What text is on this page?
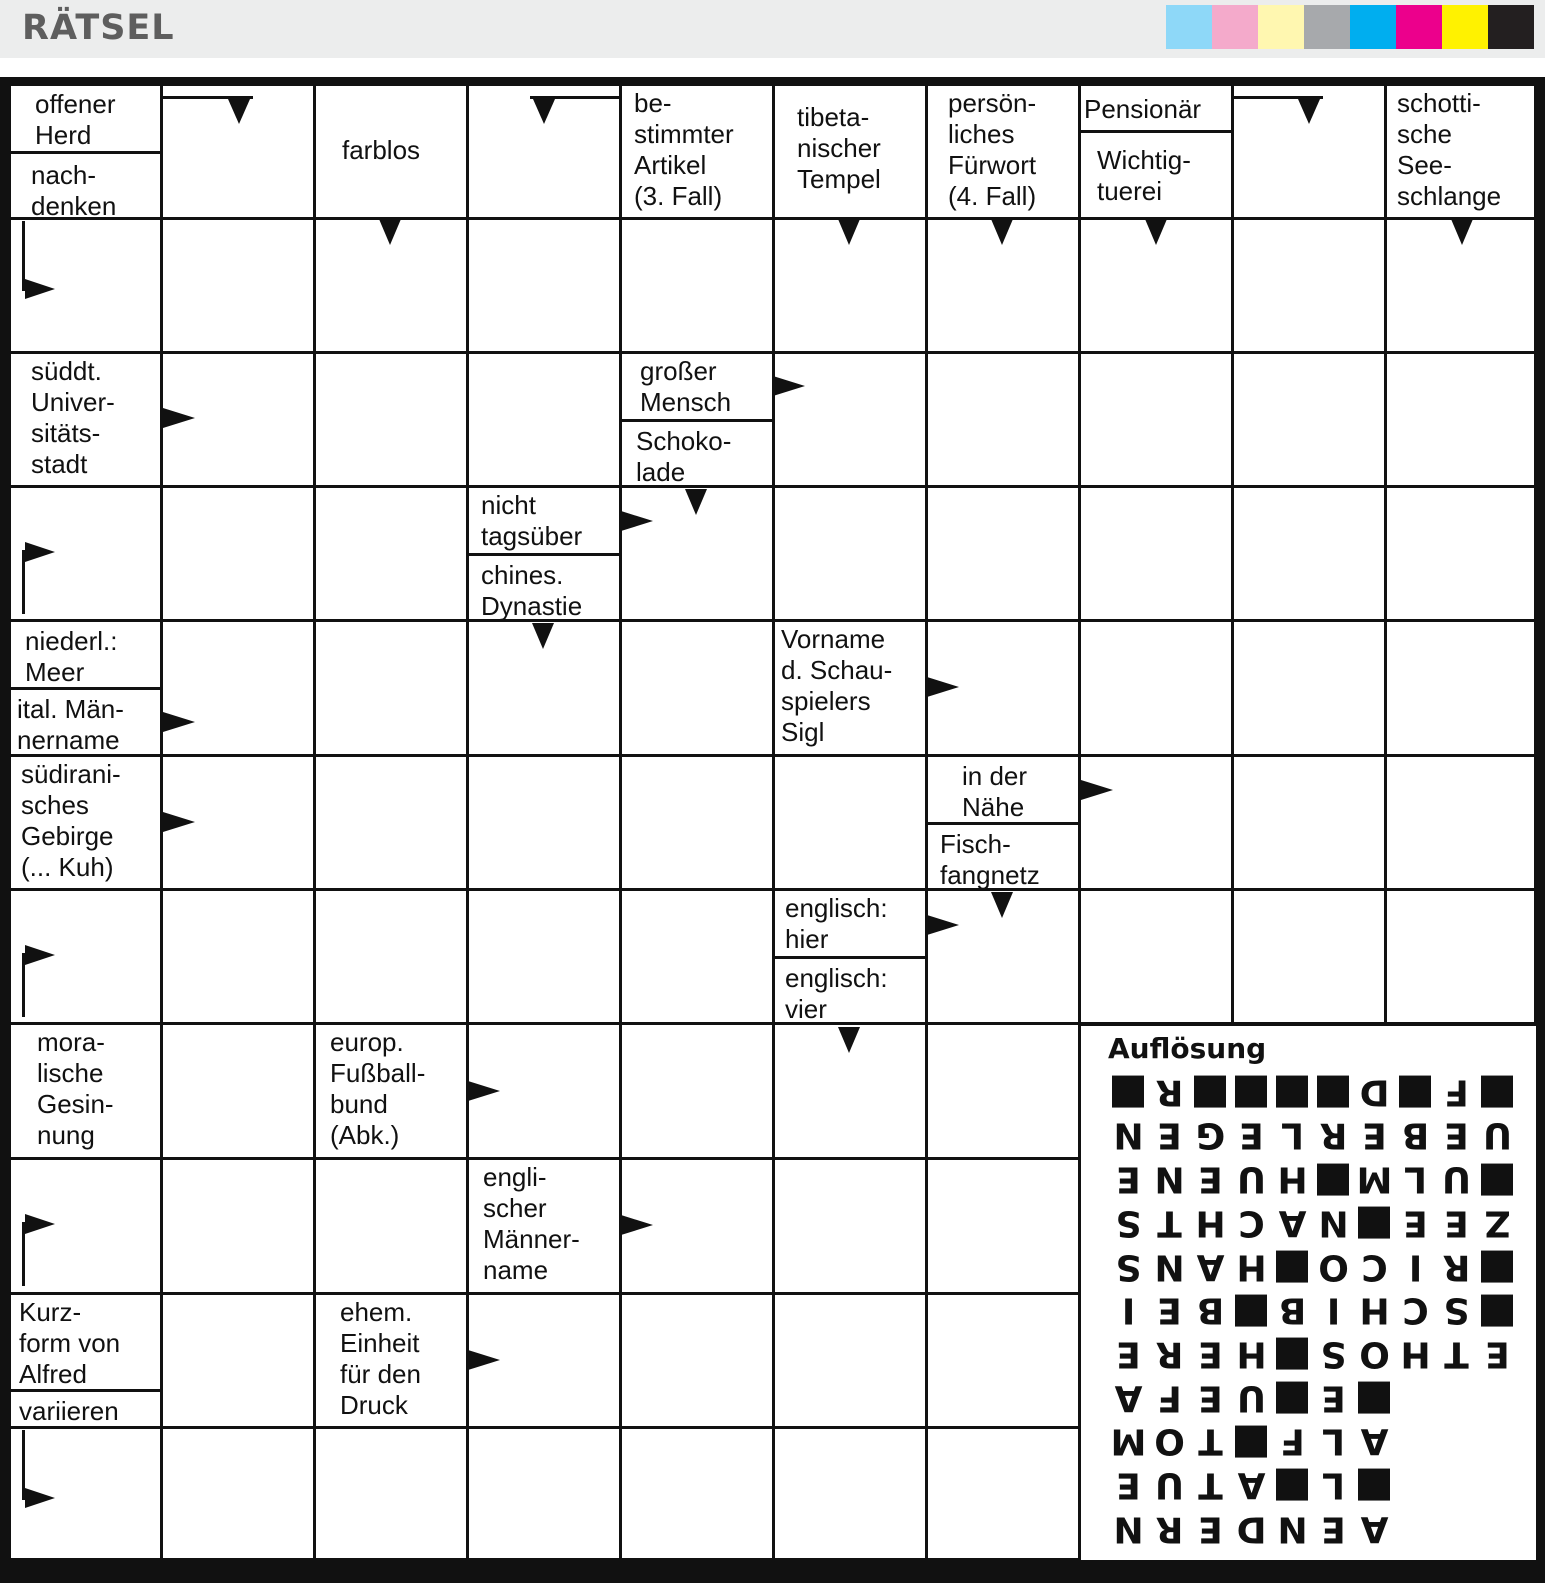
RÄTSEL
offener
Herd
nach-
denken
farblos
be-
stimmter
Artikel
(3. Fall)
tibeta-
nischer
Tempel
persön-
liches
Fürwort
(4. Fall)
Pensionär
Wichtig-
tuerei
schotti-
sche
See-
schlange
süddt.
Univer-
sitäts-
stadt
großer
Mensch
Schoko-
lade
nicht
tagsüber
chines.
Dynastie
niederl.:
Meer
ital. Män-
nername
Vorname
d. Schau-
spielers
Sigl
südirani-
sches
Gebirge
(... Kuh)
in der
Nähe
Fisch-
fangnetz
englisch:
hier
englisch:
vier
mora-
lische
Gesin-
nung
europ.
Fußball-
bund
(Abk.)
engli-
scher
Männer-
name
Kurz-
form von
Alfred
variieren
ehem.
Einheit
für den
Druck
Auflösung
A
E
N
D
E
R
N
L
A
T
U
E
A
L
F
T
O
M
E
U
E
F
A
E
T
H
O
S
H
E
R
E
S
C
H
I
B
B
E
I
R
I
C
O
H
A
N
S
Z
E
E
N
A
C
H
T
S
U
L
M
H
U
E
N
E
U
E
B
E
R
L
E
G
E
N
F
D
R
